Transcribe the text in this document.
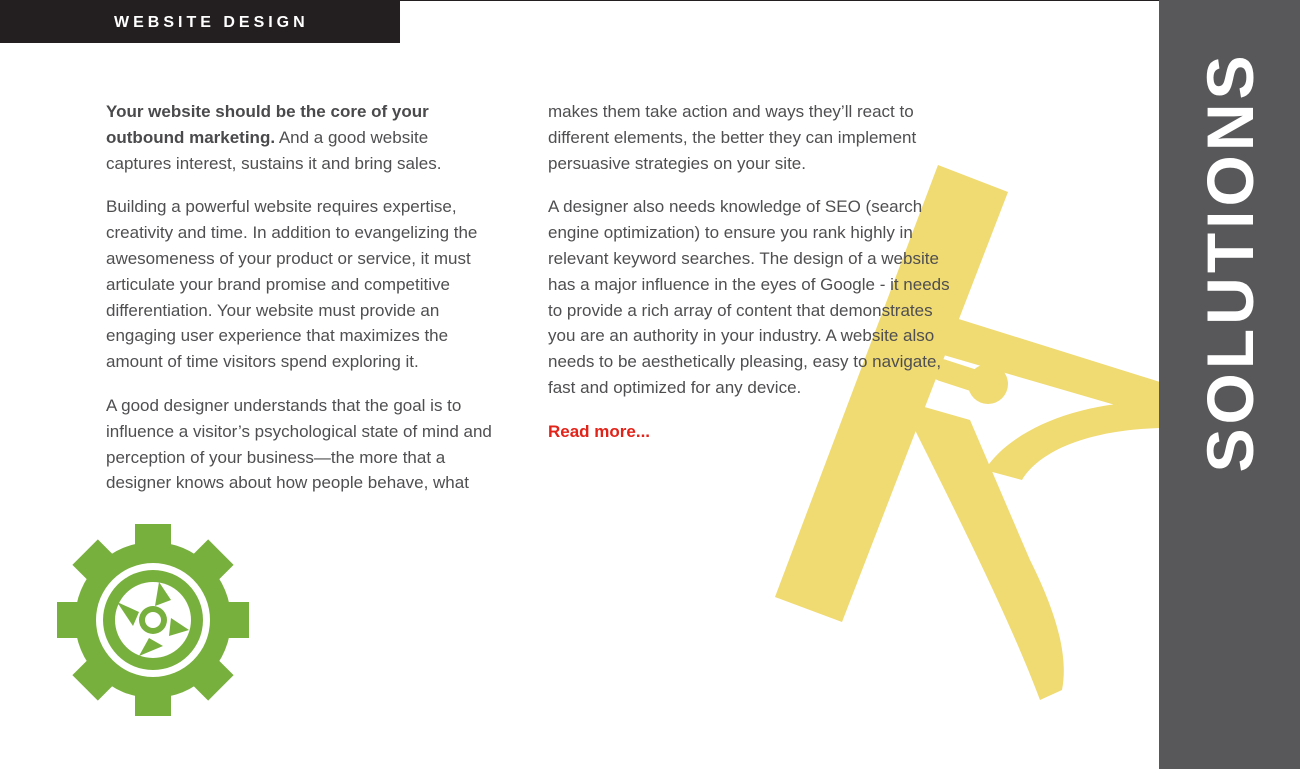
WEBSITE DESIGN

Your website should be the core of your outbound marketing. And a good website captures interest, sustains it and bring sales.

Building a powerful website requires expertise, creativity and time. In addition to evangelizing the awesomeness of your product or service, it must articulate your brand promise and competitive differentiation. Your website must provide an engaging user experience that maximizes the amount of time visitors spend exploring it.

A good designer understands that the goal is to influence a visitor’s psychological state of mind and perception of your business—the more that a designer knows about how people behave, what

makes them take action and ways they’ll react to different elements, the better they can implement persuasive strategies on your site.

A designer also needs knowledge of SEO (search engine optimization) to ensure you rank highly in relevant keyword searches. The design of a website has a major influence in the eyes of Google - it needs to provide a rich array of content that demonstrates you are an authority in your industry. A website also needs to be aesthetically pleasing, easy to navigate, fast and optimized for any device.

Read more...	SOLUTIONS
